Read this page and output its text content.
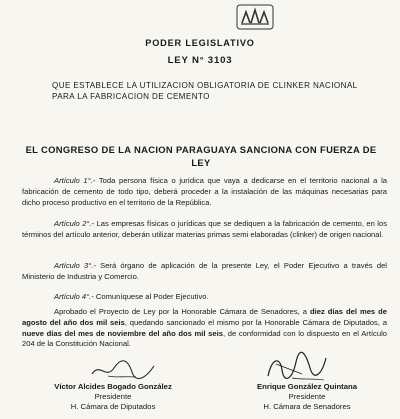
PODER LEGISLATIVO
LEY N° 3103
QUE ESTABLECE LA UTILIZACION OBLIGATORIA DE CLINKER NACIONAL
PARA LA FABRICACION DE CEMENTO
EL CONGRESO DE LA NACION PARAGUAYA SANCIONA CON FUERZA DE
LEY

Artículo 1°.- Toda persona física o jurídica que vaya a dedicarse en el territorio nacional a la fabricación de cemento de todo tipo, deberá proceder a la instalación de las máquinas necesarias para dicho proceso productivo en el territorio de la República.

Artículo 2°.- Las empresas físicas o jurídicas que se dediquen a la fabricación de cemento, en los términos del artículo anterior, deberán utilizar materias primas semi elaboradas (clinker) de origen nacional.

Artículo 3°.- Será órgano de aplicación de la presente Ley, el Poder Ejecutivo a través del Ministerio de Industria y Comercio.

Artículo 4°.- Comuníquese al Poder Ejecutivo.

Aprobado el Proyecto de Ley por la Honorable Cámara de Senadores, a diez días del mes de agosto del año dos mil seis, quedando sancionado el mismo por la Honorable Cámara de Diputados, a nueve días del mes de noviembre del año dos mil seis, de conformidad con lo dispuesto en el Artículo 204 de la Constitución Nacional.

Víctor Alcides Bogado González
Presidente
H. Cámara de Diputados
Enrique González Quintana
Presidente
H. Cámara de Senadores
